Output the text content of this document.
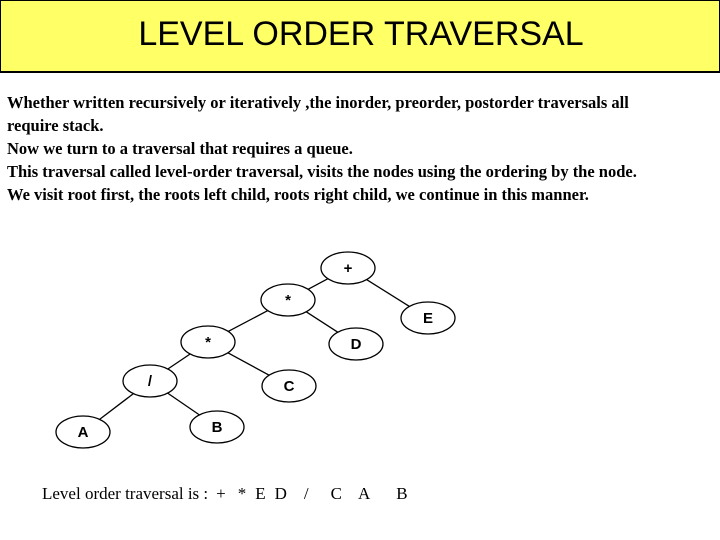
LEVEL ORDER TRAVERSAL
Whether written recursively or iteratively ,the inorder, preorder, postorder traversals all
require stack.
Now we turn to a traversal that requires a queue.
This traversal called level-order traversal, visits the nodes using the ordering by the node.
We visit root first, the roots left child, roots right child, we continue in this manner.
+
*
E
*	D
/	C
A	B
Level order traversal is : + * E D / C A B
